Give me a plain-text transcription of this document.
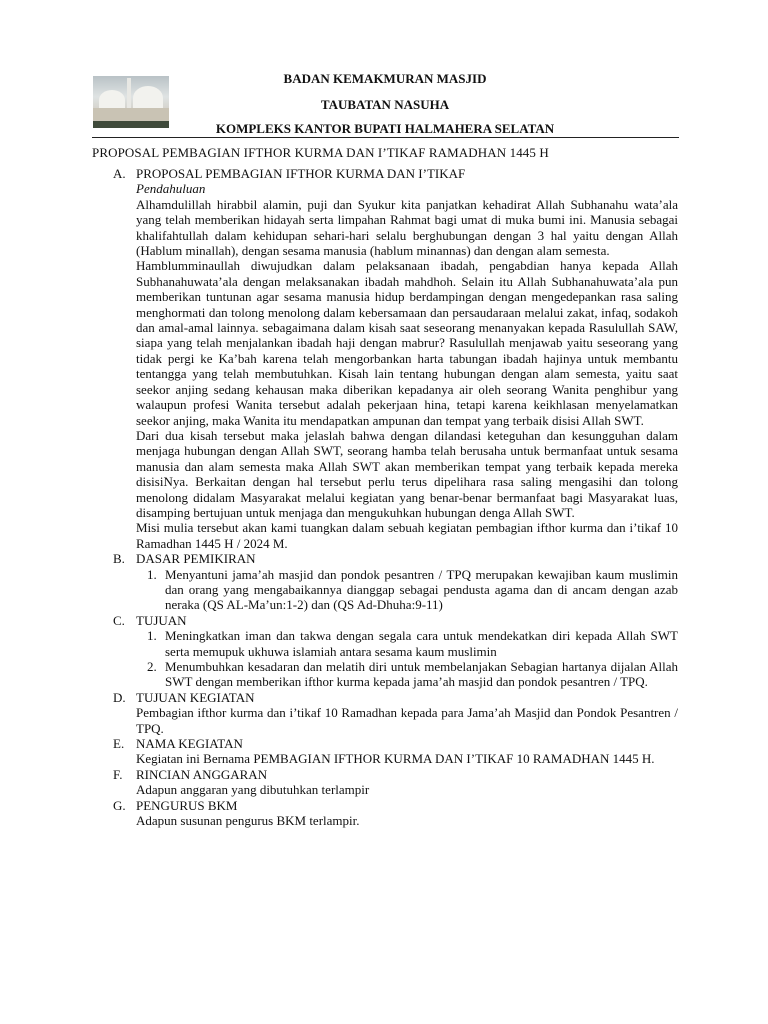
BADAN KEMAKMURAN MASJID
TAUBATAN NASUHA
KOMPLEKS KANTOR BUPATI HALMAHERA SELATAN
PROPOSAL PEMBAGIAN IFTHOR KURMA DAN I’TIKAF RAMADHAN 1445 H
A. PROPOSAL PEMBAGIAN IFTHOR KURMA DAN I’TIKAF
Pendahuluan
Alhamdulillah hirabbil alamin, puji dan Syukur kita panjatkan kehadirat Allah Subhanahu wata’ala yang telah memberikan hidayah serta limpahan Rahmat bagi umat di muka bumi ini. Manusia sebagai khalifahtullah dalam kehidupan sehari-hari selalu berghubungan dengan 3 hal yaitu dengan Allah (Hablum minallah), dengan sesama manusia (hablum minannas) dan dengan alam semesta.
Hamblumminaullah diwujudkan dalam pelaksanaan ibadah, pengabdian hanya kepada Allah Subhanahuwata’ala dengan melaksanakan ibadah mahdhoh. Selain itu Allah Subhanahuwata’ala pun memberikan tuntunan agar sesama manusia hidup berdampingan dengan mengedepankan rasa saling menghormati dan tolong menolong dalam kebersamaan dan persaudaraan melalui zakat, infaq, sodakoh dan amal-amal lainnya. sebagaimana dalam kisah saat seseorang menanyakan kepada Rasulullah SAW, siapa yang telah menjalankan ibadah haji dengan mabrur? Rasulullah menjawab yaitu seseorang yang tidak pergi ke Ka’bah karena telah mengorbankan harta tabungan ibadah hajinya untuk membantu tentangga yang telah membutuhkan. Kisah lain tentang hubungan dengan alam semesta, yaitu saat seekor anjing sedang kehausan maka diberikan kepadanya air oleh seorang Wanita penghibur yang walaupun profesi Wanita tersebut adalah pekerjaan hina, tetapi karena keikhlasan menyelamatkan seekor anjing, maka Wanita itu mendapatkan ampunan dan tempat yang terbaik disisi Allah SWT.
Dari dua kisah tersebut maka jelaslah bahwa dengan dilandasi keteguhan dan kesungguhan dalam menjaga hubungan dengan Allah SWT, seorang hamba telah berusaha untuk bermanfaat untuk sesama manusia dan alam semesta maka Allah SWT akan memberikan tempat yang terbaik kepada mereka disisiNya. Berkaitan dengan hal tersebut perlu terus dipelihara rasa saling mengasihi dan tolong menolong didalam Masyarakat melalui kegiatan yang benar-benar bermanfaat bagi Masyarakat luas, disamping bertujuan untuk menjaga dan mengukuhkan hubungan denga Allah SWT.
Misi mulia tersebut akan kami tuangkan dalam sebuah kegiatan pembagian ifthor kurma dan i’tikaf 10 Ramadhan 1445 H / 2024 M.
B. DASAR PEMIKIRAN
1. Menyantuni jama’ah masjid dan pondok pesantren / TPQ merupakan kewajiban kaum muslimin dan orang yang mengabaikannya dianggap sebagai pendusta agama dan di ancam dengan azab neraka (QS AL-Ma’un:1-2) dan (QS Ad-Dhuha:9-11)
C. TUJUAN
1. Meningkatkan iman dan takwa dengan segala cara untuk mendekatkan diri kepada Allah SWT serta memupuk ukhuwa islamiah antara sesama kaum muslimin
2. Menumbuhkan kesadaran dan melatih diri untuk membelanjakan Sebagian hartanya dijalan Allah SWT dengan memberikan ifthor kurma kepada jama’ah masjid dan pondok pesantren / TPQ.
D. TUJUAN KEGIATAN
Pembagian ifthor kurma dan i’tikaf 10 Ramadhan kepada para Jama’ah Masjid dan Pondok Pesantren / TPQ.
E. NAMA KEGIATAN
Kegiatan ini Bernama PEMBAGIAN IFTHOR KURMA DAN I’TIKAF 10 RAMADHAN 1445 H.
F. RINCIAN ANGGARAN
Adapun anggaran yang dibutuhkan terlampir
G. PENGURUS BKM
Adapun susunan pengurus BKM terlampir.
